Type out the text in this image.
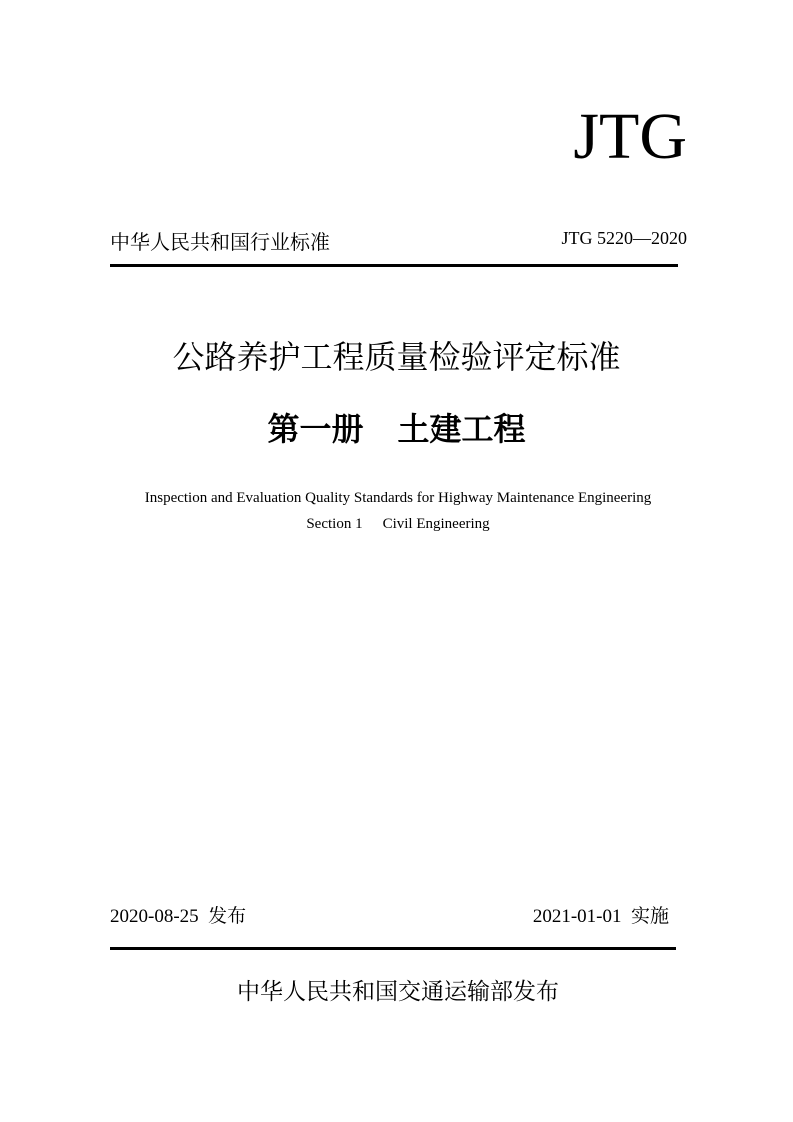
JTG
中华人民共和国行业标准	JTG 5220—2020
公路养护工程质量检验评定标准
第一册 土建工程
Inspection and Evaluation Quality Standards for Highway Maintenance Engineering
Section 1 Civil Engineering
2020-08-25 发布	2021-01-01 实施
中华人民共和国交通运输部发布
